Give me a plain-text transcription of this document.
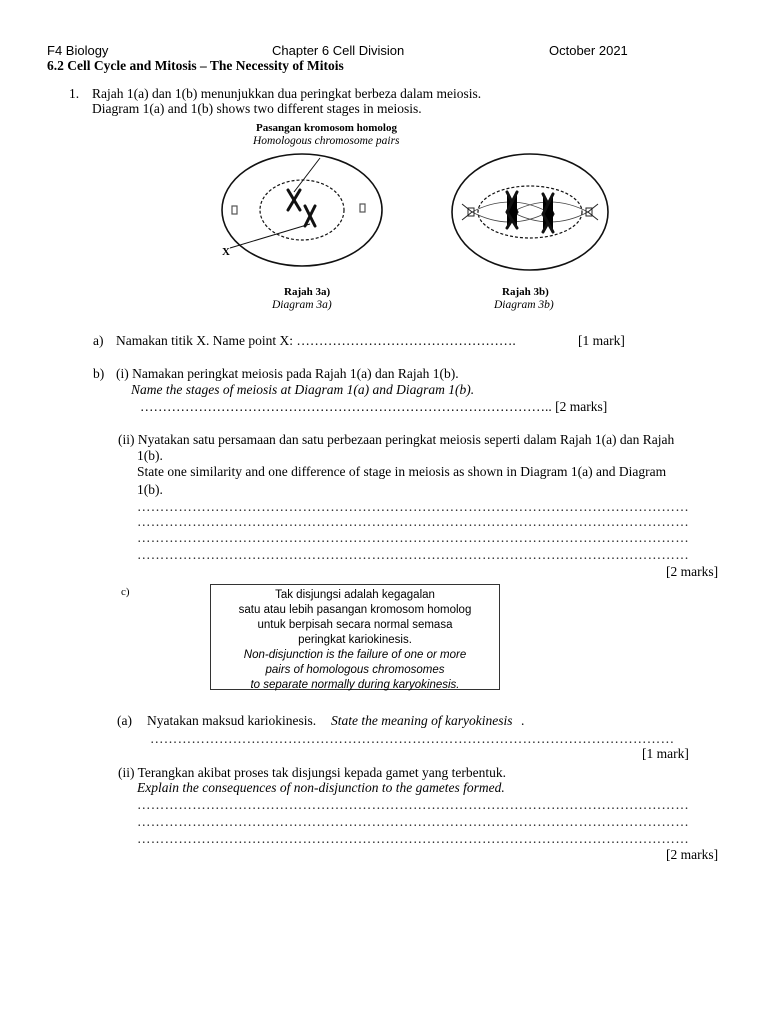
F4 Biology	Chapter 6 Cell Division	October 2021
6.2 Cell Cycle and Mitosis – The Necessity of Mitois
1. Rajah 1(a) dan 1(b) menunjukkan dua peringkat berbeza dalam meiosis.
Diagram 1(a) and 1(b) shows two different stages in meiosis.
Pasangan kromosom homolog
Homologous chromosome pairs
X
Rajah 3a)
Diagram 3a)
Rajah 3b)
Diagram 3b)
a) Namakan titik X. Name point X: ………………………………………….	[1 mark]
b) (i) Namakan peringkat meiosis pada Rajah 1(a) dan Rajah 1(b).
Name the stages of meiosis at Diagram 1(a) and Diagram 1(b).
……………………………………………………………………………….. [2 marks]
(ii) Nyatakan satu persamaan dan satu perbezaan peringkat meiosis seperti dalam Rajah 1(a) dan Rajah
1(b).
State one similarity and one difference of stage in meiosis as shown in Diagram 1(a) and Diagram
1(b).
…………………………………………………………………………………………………………
…………………………………………………………………………………………………………
…………………………………………………………………………………………………………
…………………………………………………………………………………………………………
[2 marks]
c)	Tak disjungsi adalah kegagalan
satu atau lebih pasangan kromosom homolog
untuk berpisah secara normal semasa
peringkat kariokinesis.
Non-disjunction is the failure of one or more
pairs of homologous chromosomes
to separate normally during karyokinesis.
(a) Nyatakan maksud kariokinesis. State the meaning of karyokinesis .
……………………………………………………………………………………………………
[1 mark]
(ii) Terangkan akibat proses tak disjungsi kepada gamet yang terbentuk.
Explain the consequences of non-disjunction to the gametes formed.
…………………………………………………………………………………………………………
…………………………………………………………………………………………………………
…………………………………………………………………………………………………………
[2 marks]
